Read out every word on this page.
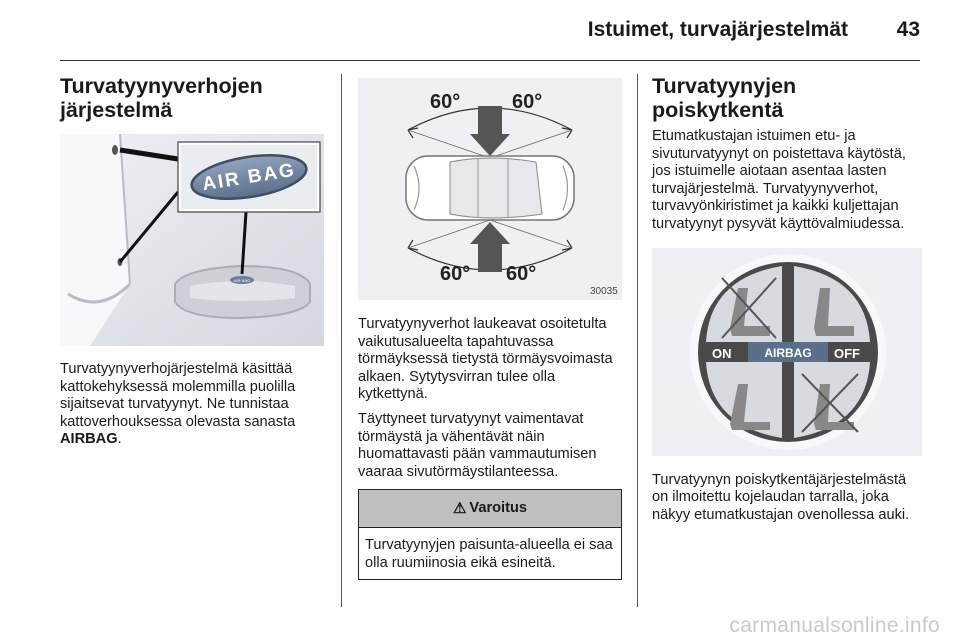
Istuimet, turvajärjestelmät 43
Turvatyynyverhojen
järjestelmä
AIR BAG
AIR BAG

Turvatyynyverhojärjestelmä käsittää kattokehyksessä molemmilla puolilla sijaitsevat turvatyynyt. Ne tunnistaa kattoverhouksessa olevasta sanasta AIRBAG.

60°	60°
60° 60°
30035

Turvatyynyverhot laukeavat osoitetulta vaikutusalueelta tapahtuvassa törmäyksessä tietystä törmäysvoimasta alkaen. Sytytysvirran tulee olla kytkettynä.

Täyttyneet turvatyynyt vaimentavat törmäystä ja vähentävät näin huomattavasti pään vammautumisen vaaraa sivutörmäystilanteessa.

⚠ Varoitus
Turvatyynyjen paisunta-alueella ei saa olla ruumiinosia eikä esineitä.
Turvatyynyjen
poiskytkentä

Etumatkustajan istuimen etu- ja sivuturvatyynyt on poistettava käytöstä, jos istuimelle aiotaan asentaa lasten turvajärjestelmä. Turvatyynyverhot, turvavyönkiristimet ja kaikki kuljettajan turvatyynyt pysyvät käyttövalmiudessa.

ON	AIRBAG OFF

Turvatyynyn poiskytkentäjärjestelmästä on ilmoitettu kojelaudan tarralla, joka näkyy etumatkustajan ovenollessa auki.

carmanualsonline.info
